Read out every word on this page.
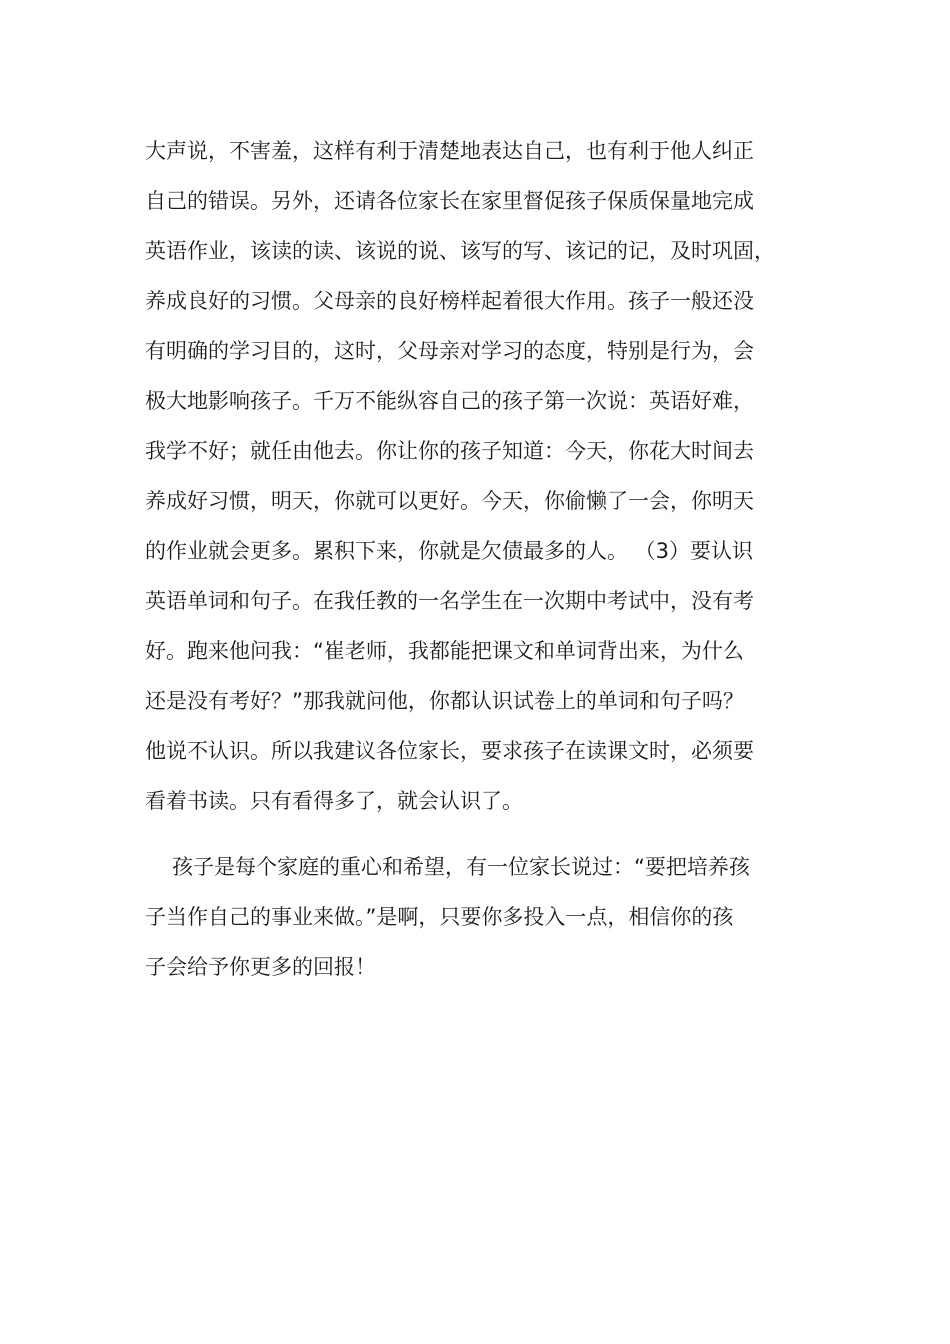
大声说，不害羞，这样有利于清楚地表达自己，也有利于他人纠正
自己的错误。另外，还请各位家长在家里督促孩子保质保量地完成
英语作业，该读的读、该说的说、该写的写、该记的记，及时巩固，
养成良好的习惯。父母亲的良好榜样起着很大作用。孩子一般还没
有明确的学习目的，这时，父母亲对学习的态度，特别是行为，会
极大地影响孩子。千万不能纵容自己的孩子第一次说：英语好难，
我学不好；就任由他去。你让你的孩子知道：今天，你花大时间去
养成好习惯，明天，你就可以更好。今天，你偷懒了一会，你明天
的作业就会更多。累积下来，你就是欠债最多的人。 （3）要认识
英语单词和句子。在我任教的一名学生在一次期中考试中，没有考
好。跑来他问我：“崔老师，我都能把课文和单词背出来，为什么
还是没有考好？”那我就问他，你都认识试卷上的单词和句子吗？
他说不认识。所以我建议各位家长，要求孩子在读课文时，必须要
看着书读。只有看得多了，就会认识了。
孩子是每个家庭的重心和希望，有一位家长说过：“要把培养孩
子当作自己的事业来做。”是啊，只要你多投入一点，相信你的孩
子会给予你更多的回报！
